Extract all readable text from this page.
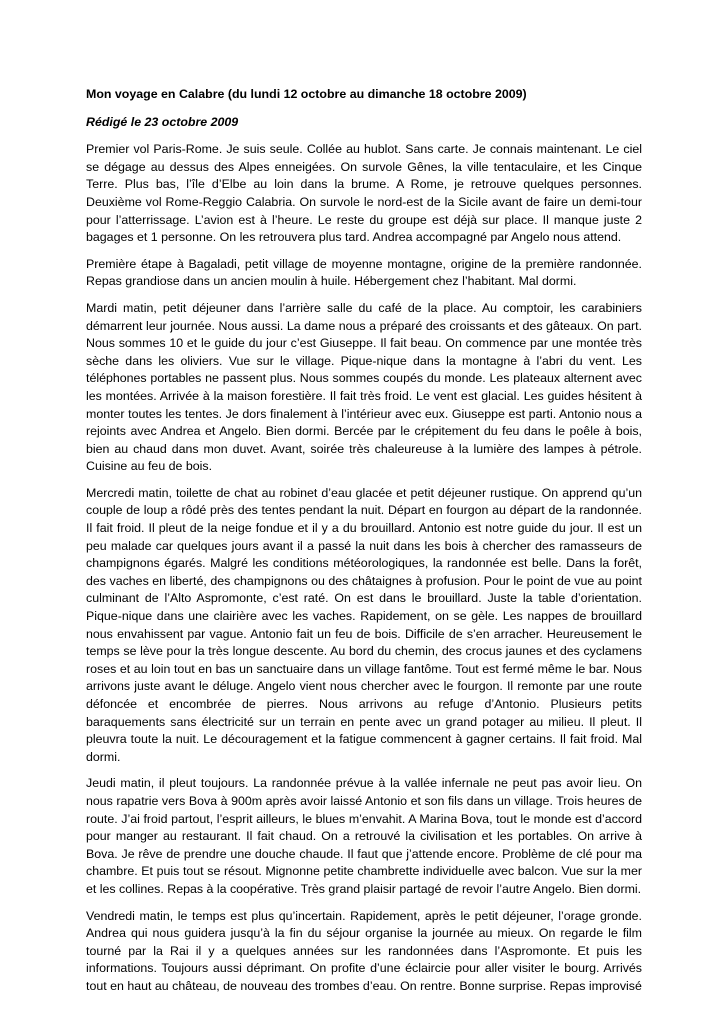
Mon voyage en Calabre (du lundi 12 octobre au dimanche 18 octobre 2009)

Rédigé le 23 octobre 2009

Premier vol Paris-Rome. Je suis seule. Collée au hublot. Sans carte. Je connais maintenant. Le ciel se dégage au dessus des Alpes enneigées. On survole Gênes, la ville tentaculaire, et les Cinque Terre. Plus bas, l’île d’Elbe au loin dans la brume. A Rome, je retrouve quelques personnes. Deuxième vol Rome-Reggio Calabria. On survole le nord-est de la Sicile avant de faire un demi-tour pour l’atterrissage. L’avion est à l’heure. Le reste du groupe est déjà sur place. Il manque juste 2 bagages et 1 personne. On les retrouvera plus tard. Andrea accompagné par Angelo nous attend.

Première étape à Bagaladi, petit village de moyenne montagne, origine de la première randonnée. Repas grandiose dans un ancien moulin à huile. Hébergement chez l’habitant. Mal dormi.

Mardi matin, petit déjeuner dans l’arrière salle du café de la place. Au comptoir, les carabiniers démarrent leur journée. Nous aussi. La dame nous a préparé des croissants et des gâteaux. On part. Nous sommes 10 et le guide du jour c’est Giuseppe. Il fait beau. On commence par une montée très sèche dans les oliviers. Vue sur le village. Pique-nique dans la montagne à l’abri du vent. Les téléphones portables ne passent plus. Nous sommes coupés du monde. Les plateaux alternent avec les montées. Arrivée à la maison forestière. Il fait très froid. Le vent est glacial. Les guides hésitent à monter toutes les tentes. Je dors finalement à l’intérieur avec eux. Giuseppe est parti. Antonio nous a rejoints avec Andrea et Angelo. Bien dormi. Bercée par le crépitement du feu dans le poêle à bois, bien au chaud dans mon duvet. Avant, soirée très chaleureuse à la lumière des lampes à pétrole. Cuisine au feu de bois.

Mercredi matin, toilette de chat au robinet d’eau glacée et petit déjeuner rustique. On apprend qu’un couple de loup a rôdé près des tentes pendant la nuit. Départ en fourgon au départ de la randonnée. Il fait froid. Il pleut de la neige fondue et il y a du brouillard. Antonio est notre guide du jour. Il est un peu malade car quelques jours avant il a passé la nuit dans les bois à chercher des ramasseurs de champignons égarés. Malgré les conditions météorologiques, la randonnée est belle. Dans la forêt, des vaches en liberté, des champignons ou des châtaignes à profusion. Pour le point de vue au point culminant de l’Alto Aspromonte, c’est raté. On est dans le brouillard. Juste la table d’orientation. Pique-nique dans une clairière avec les vaches. Rapidement, on se gèle. Les nappes de brouillard nous envahissent par vague. Antonio fait un feu de bois. Difficile de s’en arracher. Heureusement le temps se lève pour la très longue descente. Au bord du chemin, des crocus jaunes et des cyclamens roses et au loin tout en bas un sanctuaire dans un village fantôme. Tout est fermé même le bar. Nous arrivons juste avant le déluge. Angelo vient nous chercher avec le fourgon. Il remonte par une route défoncée et encombrée de pierres. Nous arrivons au refuge d’Antonio. Plusieurs petits baraquements sans électricité sur un terrain en pente avec un grand potager au milieu. Il pleut. Il pleuvra toute la nuit. Le découragement et la fatigue commencent à gagner certains. Il fait froid. Mal dormi.

Jeudi matin, il pleut toujours. La randonnée prévue à la vallée infernale ne peut pas avoir lieu. On nous rapatrie vers Bova à 900m après avoir laissé Antonio et son fils dans un village. Trois heures de route. J’ai froid partout, l’esprit ailleurs, le blues m’envahit. A Marina Bova, tout le monde est d’accord pour manger au restaurant. Il fait chaud. On a retrouvé la civilisation et les portables. On arrive à Bova. Je rêve de prendre une douche chaude. Il faut que j’attende encore. Problème de clé pour ma chambre. Et puis tout se résout. Mignonne petite chambrette individuelle avec balcon. Vue sur la mer et les collines. Repas à la coopérative. Très grand plaisir partagé de revoir l’autre Angelo. Bien dormi.

Vendredi matin, le temps est plus qu’incertain. Rapidement, après le petit déjeuner, l’orage gronde. Andrea qui nous guidera jusqu’à la fin du séjour organise la journée au mieux. On regarde le film tourné par la Rai il y a quelques années sur les randonnées dans l’Aspromonte. Et puis les informations. Toujours aussi déprimant. On profite d’une éclaircie pour aller visiter le bourg. Arrivés tout en haut au château, de nouveau des trombes d’eau. On rentre. Bonne surprise. Repas improvisé
